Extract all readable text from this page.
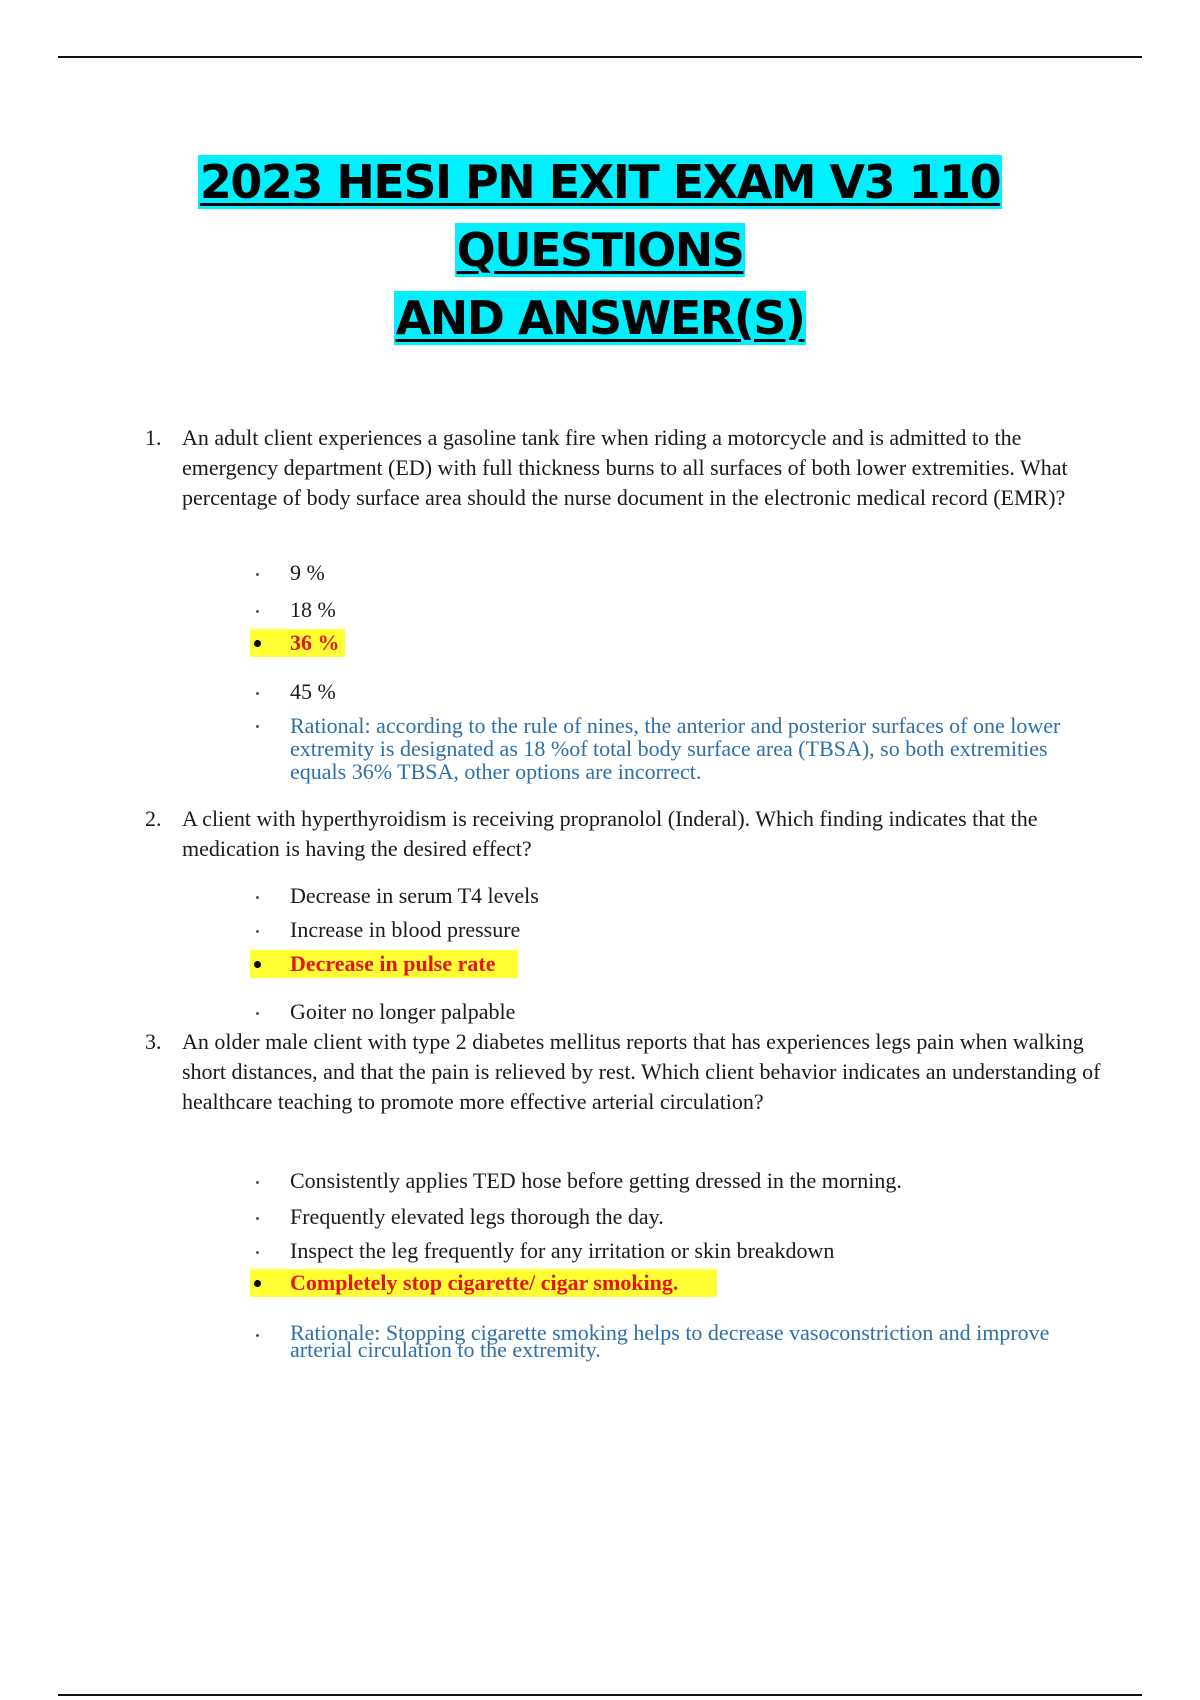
2023 HESI PN EXIT EXAM V3 110
QUESTIONS
AND ANSWER(S)
1. An adult client experiences a gasoline tank fire when riding a motorcycle and is admitted to the emergency department (ED) with full thickness burns to all surfaces of both lower extremities. What percentage of body surface area should the nurse document in the electronic medical record (EMR)?
9 %
18 %
36 %
45 %
Rational: according to the rule of nines, the anterior and posterior surfaces of one lower extremity is designated as 18 %of total body surface area (TBSA), so both extremities equals 36% TBSA, other options are incorrect.
2. A client with hyperthyroidism is receiving propranolol (Inderal). Which finding indicates that the medication is having the desired effect?
Decrease in serum T4 levels
Increase in blood pressure
Decrease in pulse rate
Goiter no longer palpable
3. An older male client with type 2 diabetes mellitus reports that has experiences legs pain when walking short distances, and that the pain is relieved by rest. Which client behavior indicates an understanding of healthcare teaching to promote more effective arterial circulation?
Consistently applies TED hose before getting dressed in the morning.
Frequently elevated legs thorough the day.
Inspect the leg frequently for any irritation or skin breakdown
Completely stop cigarette/ cigar smoking.
Rationale: Stopping cigarette smoking helps to decrease vasoconstriction and improve arterial circulation to the extremity.
